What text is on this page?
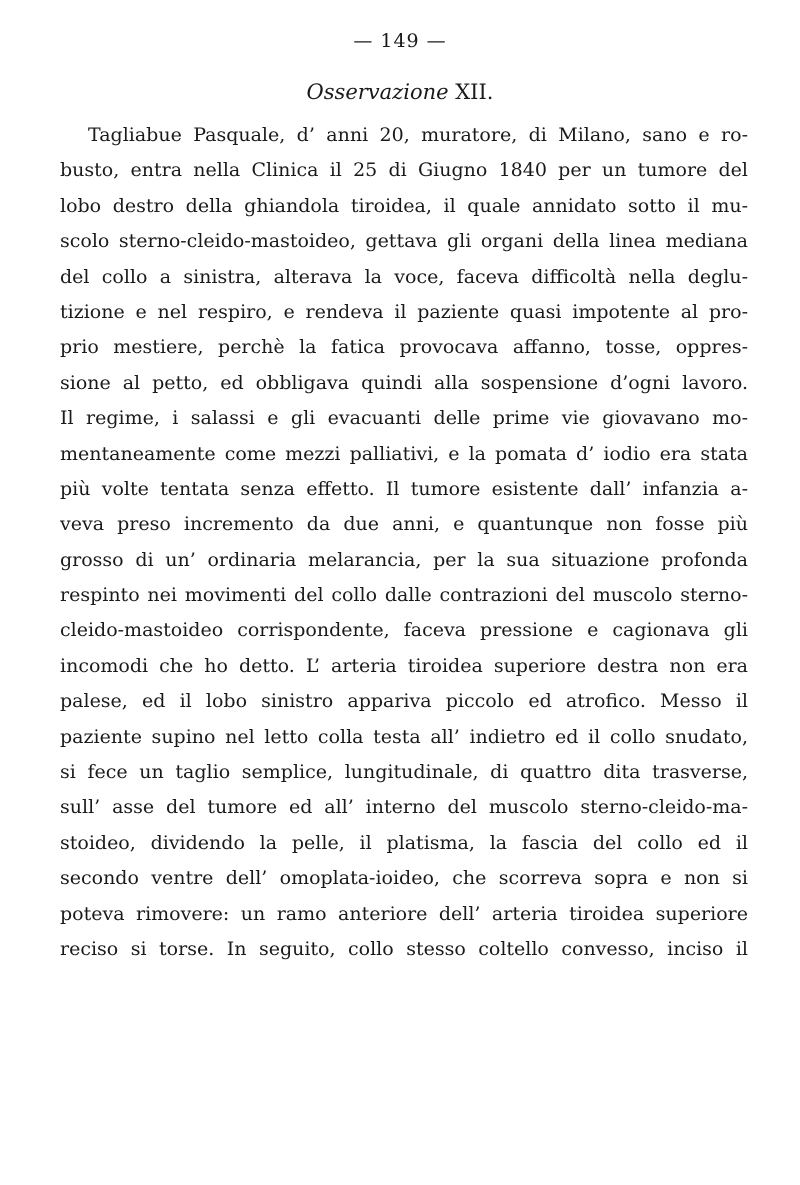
— 149 —
Osservazione XII.
Tagliabue Pasquale, d’ anni 20, muratore, di Milano, sano e ro-
busto, entra nella Clinica il 25 di Giugno 1840 per un tumore del
lobo destro della ghiandola tiroidea, il quale annidato sotto il mu-
scolo sterno-cleido-mastoideo, gettava gli organi della linea mediana
del collo a sinistra, alterava la voce, faceva difficoltà nella deglu-
tizione e nel respiro, e rendeva il paziente quasi impotente al pro-
prio mestiere, perchè la fatica provocava affanno, tosse, oppres-
sione al petto, ed obbligava quindi alla sospensione d’ogni lavoro.
Il regime, i salassi e gli evacuanti delle prime vie giovavano mo-
mentaneamente come mezzi palliativi, e la pomata d’ iodio era stata
più volte tentata senza effetto. Il tumore esistente dall’ infanzia a-
veva preso incremento da due anni, e quantunque non fosse più
grosso di un’ ordinaria melarancia, per la sua situazione profonda
respinto nei movimenti del collo dalle contrazioni del muscolo sterno-
cleido-mastoideo corrispondente, faceva pressione e cagionava gli
incomodi che ho detto. L’ arteria tiroidea superiore destra non era
palese, ed il lobo sinistro appariva piccolo ed atrofico. Messo il
paziente supino nel letto colla testa all’ indietro ed il collo snudato,
si fece un taglio semplice, lungitudinale, di quattro dita trasverse,
sull’ asse del tumore ed all’ interno del muscolo sterno-cleido-ma-
stoideo, dividendo la pelle, il platisma, la fascia del collo ed il
secondo ventre dell’ omoplata-ioideo, che scorreva sopra e non si
poteva rimovere: un ramo anteriore dell’ arteria tiroidea superiore
reciso si torse. In seguito, collo stesso coltello convesso, inciso il
